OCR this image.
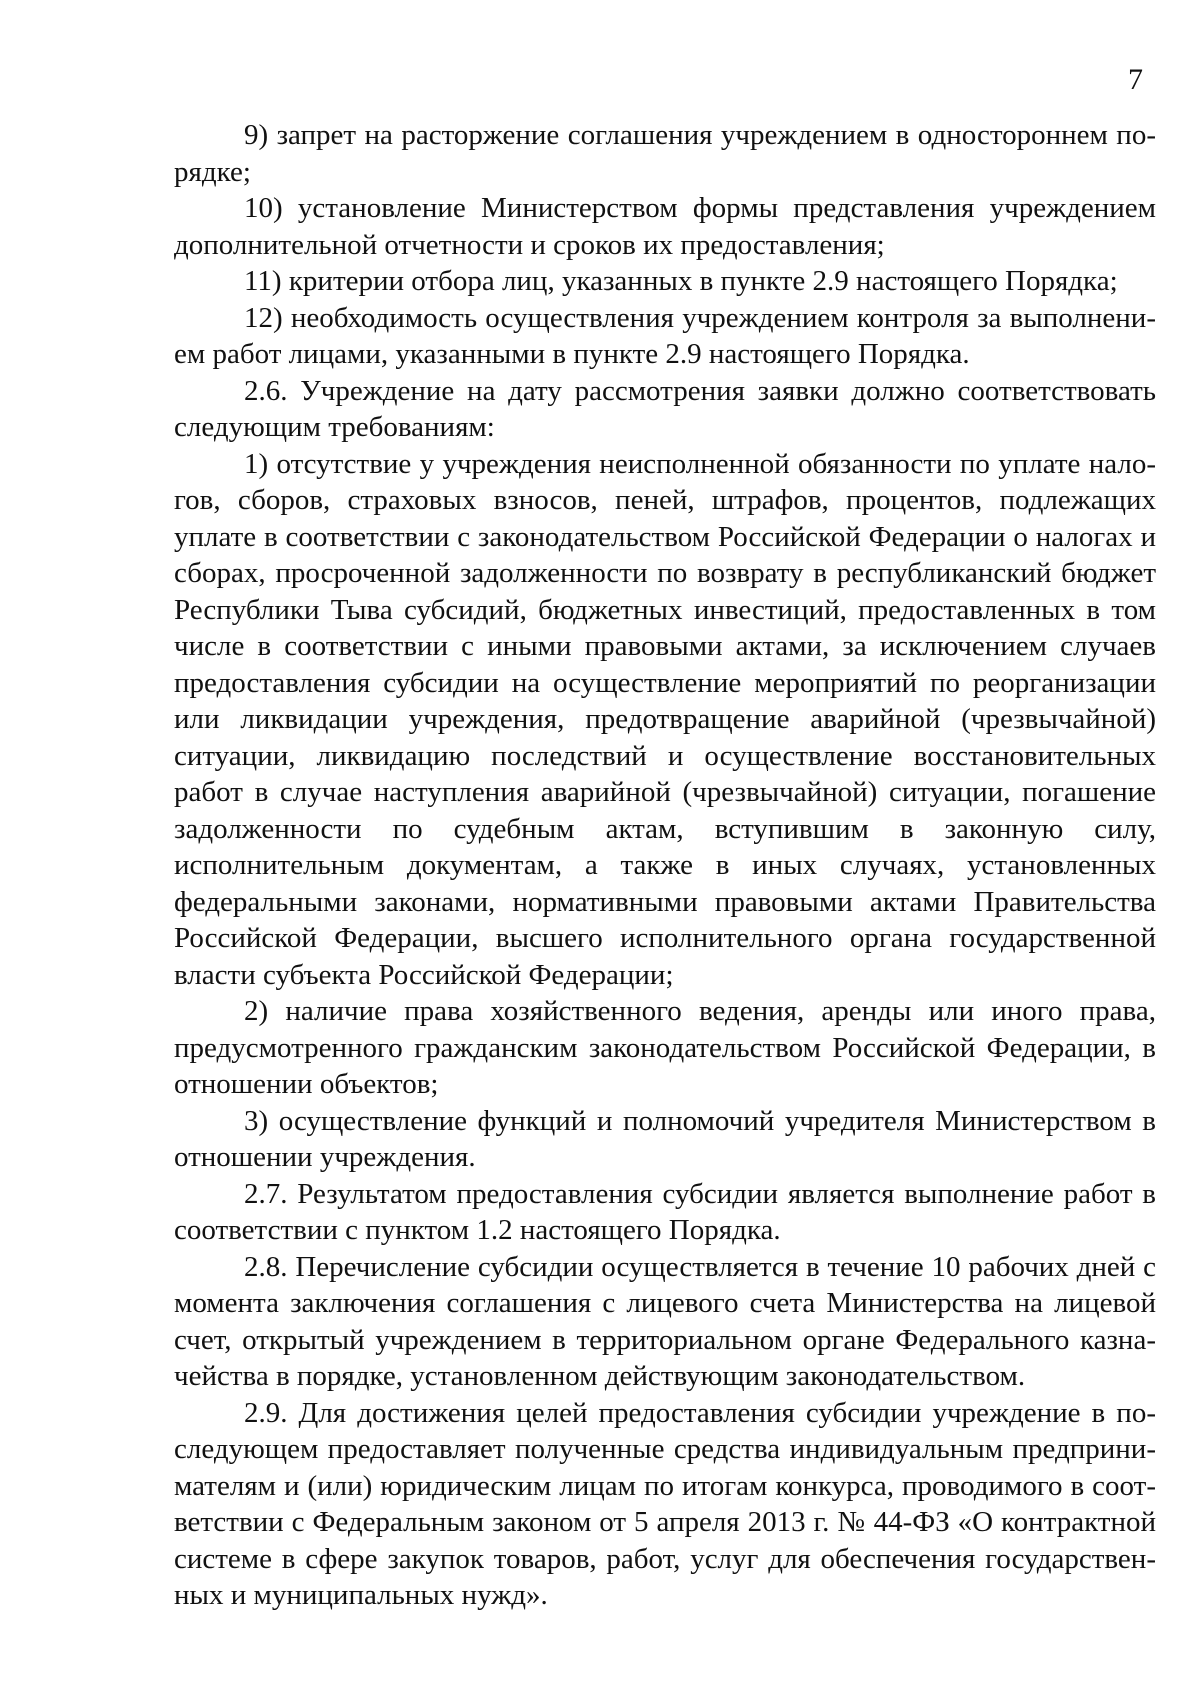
7

9) запрет на расторжение соглашения учреждением в одностороннем порядке;

10) установление Министерством формы представления учреждением дополнительной отчетности и сроков их предоставления;

11) критерии отбора лиц, указанных в пункте 2.9 настоящего Порядка;

12) необходимость осуществления учреждением контроля за выполнением работ лицами, указанными в пункте 2.9 настоящего Порядка.

2.6. Учреждение на дату рассмотрения заявки должно соответствовать следующим требованиям:

1) отсутствие у учреждения неисполненной обязанности по уплате налогов, сборов, страховых взносов, пеней, штрафов, процентов, подлежащих уплате в соответствии с законодательством Российской Федерации о налогах и сборах, просроченной задолженности по возврату в республиканский бюджет Республики Тыва субсидий, бюджетных инвестиций, предоставленных в том числе в соответствии с иными правовыми актами, за исключением случаев предоставления субсидии на осуществление мероприятий по реорганизации или ликвидации учреждения, предотвращение аварийной (чрезвычайной) ситуации, ликвидацию последствий и осуществление восстановительных работ в случае наступления аварийной (чрезвычайной) ситуации, погашение задолженности по судебным актам, вступившим в законную силу, исполнительным документам, а также в иных случаях, установленных федеральными законами, нормативными правовыми актами Правительства Российской Федерации, высшего исполнительного органа государственной власти субъекта Российской Федерации;

2) наличие права хозяйственного ведения, аренды или иного права, предусмотренного гражданским законодательством Российской Федерации, в отношении объектов;

3) осуществление функций и полномочий учредителя Министерством в отношении учреждения.

2.7. Результатом предоставления субсидии является выполнение работ в соответствии с пунктом 1.2 настоящего Порядка.

2.8. Перечисление субсидии осуществляется в течение 10 рабочих дней с момента заключения соглашения с лицевого счета Министерства на лицевой счет, открытый учреждением в территориальном органе Федерального казначейства в порядке, установленном действующим законодательством.

2.9. Для достижения целей предоставления субсидии учреждение в последующем предоставляет полученные средства индивидуальным предпринимателям и (или) юридическим лицам по итогам конкурса, проводимого в соответствии с Федеральным законом от 5 апреля 2013 г. № 44-ФЗ «О контрактной системе в сфере закупок товаров, работ, услуг для обеспечения государственных и муниципальных нужд».
